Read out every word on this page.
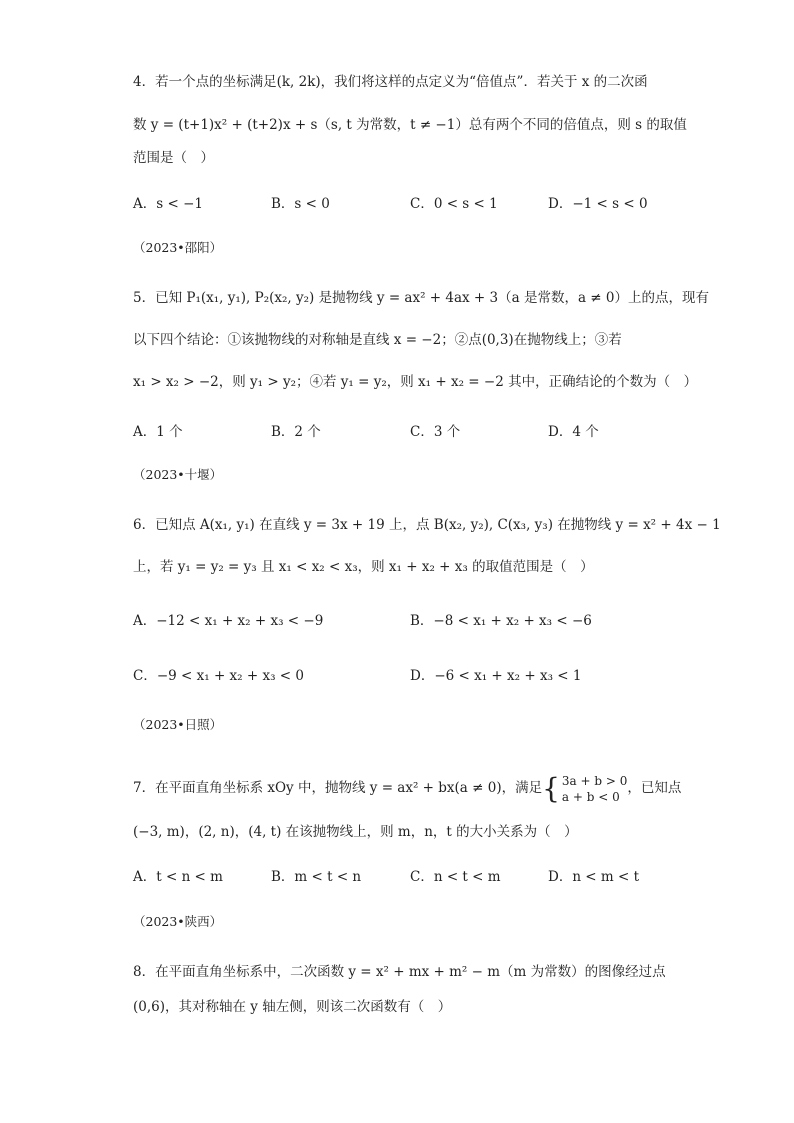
4．若一个点的坐标满足(k, 2k)，我们将这样的点定义为“倍值点”．若关于 x 的二次函
数 y = (t+1)x² + (t+2)x + s（s, t 为常数，t ≠ −1）总有两个不同的倍值点，则 s 的取值
范围是（　）
A．s < −1	B．s < 0	C．0 < s < 1	D．−1 < s < 0
（2023•邵阳）
5．已知 P₁(x₁, y₁), P₂(x₂, y₂) 是抛物线 y = ax² + 4ax + 3（a 是常数，a ≠ 0）上的点，现有
以下四个结论：①该抛物线的对称轴是直线 x = −2；②点(0,3)在抛物线上；③若
x₁ > x₂ > −2，则 y₁ > y₂；④若 y₁ = y₂，则 x₁ + x₂ = −2 其中，正确结论的个数为（　）
A．1 个	B．2 个	C．3 个	D．4 个
（2023•十堰）
6．已知点 A(x₁, y₁) 在直线 y = 3x + 19 上，点 B(x₂, y₂), C(x₃, y₃) 在抛物线 y = x² + 4x − 1
上，若 y₁ = y₂ = y₃ 且 x₁ < x₂ < x₃，则 x₁ + x₂ + x₃ 的取值范围是（　）
A．−12 < x₁ + x₂ + x₃ < −9	B．−8 < x₁ + x₂ + x₃ < −6
C．−9 < x₁ + x₂ + x₃ < 0	D．−6 < x₁ + x₂ + x₃ < 1
（2023•日照）
7．在平面直角坐标系 xOy 中，抛物线 y = ax² + bx(a ≠ 0)，满足{ 3a + b > 0
a + b < 0
，已知点
(−3, m)，(2, n)，(4, t) 在该抛物线上，则 m，n，t 的大小关系为（　）
A．t < n < m	B．m < t < n	C．n < t < m	D．n < m < t
（2023•陕西）
8．在平面直角坐标系中，二次函数 y = x² + mx + m² − m（m 为常数）的图像经过点
(0,6)，其对称轴在 y 轴左侧，则该二次函数有（　）
